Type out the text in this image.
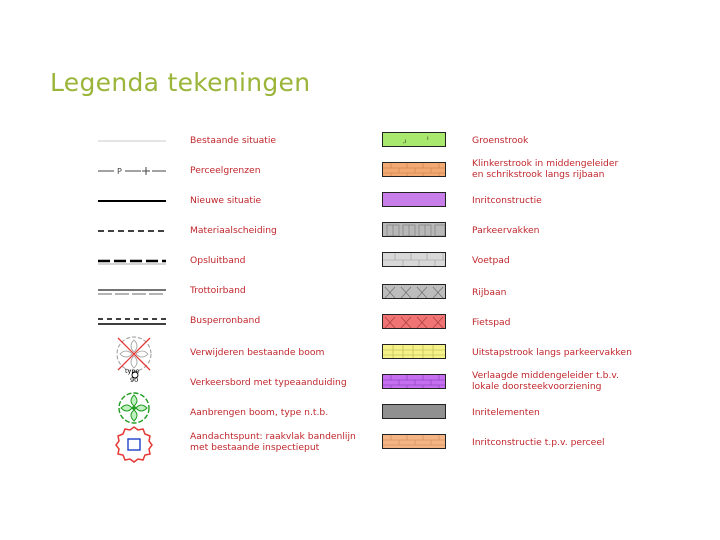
Legenda tekeningen
Bestaande situatie
P	Perceelgrenzen
Nieuwe situatie
Materiaalscheiding
Opsluitband
Trottoirband
Busperronband
Verwijderen bestaande boom
type
90	Verkeersbord met typeaanduiding
Aanbrengen boom, type n.t.b.
Aandachtspunt: raakvlak bandenlijn
met bestaande inspectieput
,ı	ı	Groenstrook
Klinkerstrook in middengeleider
en schrikstrook langs rijbaan
Inritconstructie
Parkeervakken
Voetpad
Rijbaan
Fietspad
Uitstapstrook langs parkeervakken
Verlaagde middengeleider t.b.v.
lokale doorsteekvoorziening
Inritelementen
Inritconstructie t.p.v. perceel
